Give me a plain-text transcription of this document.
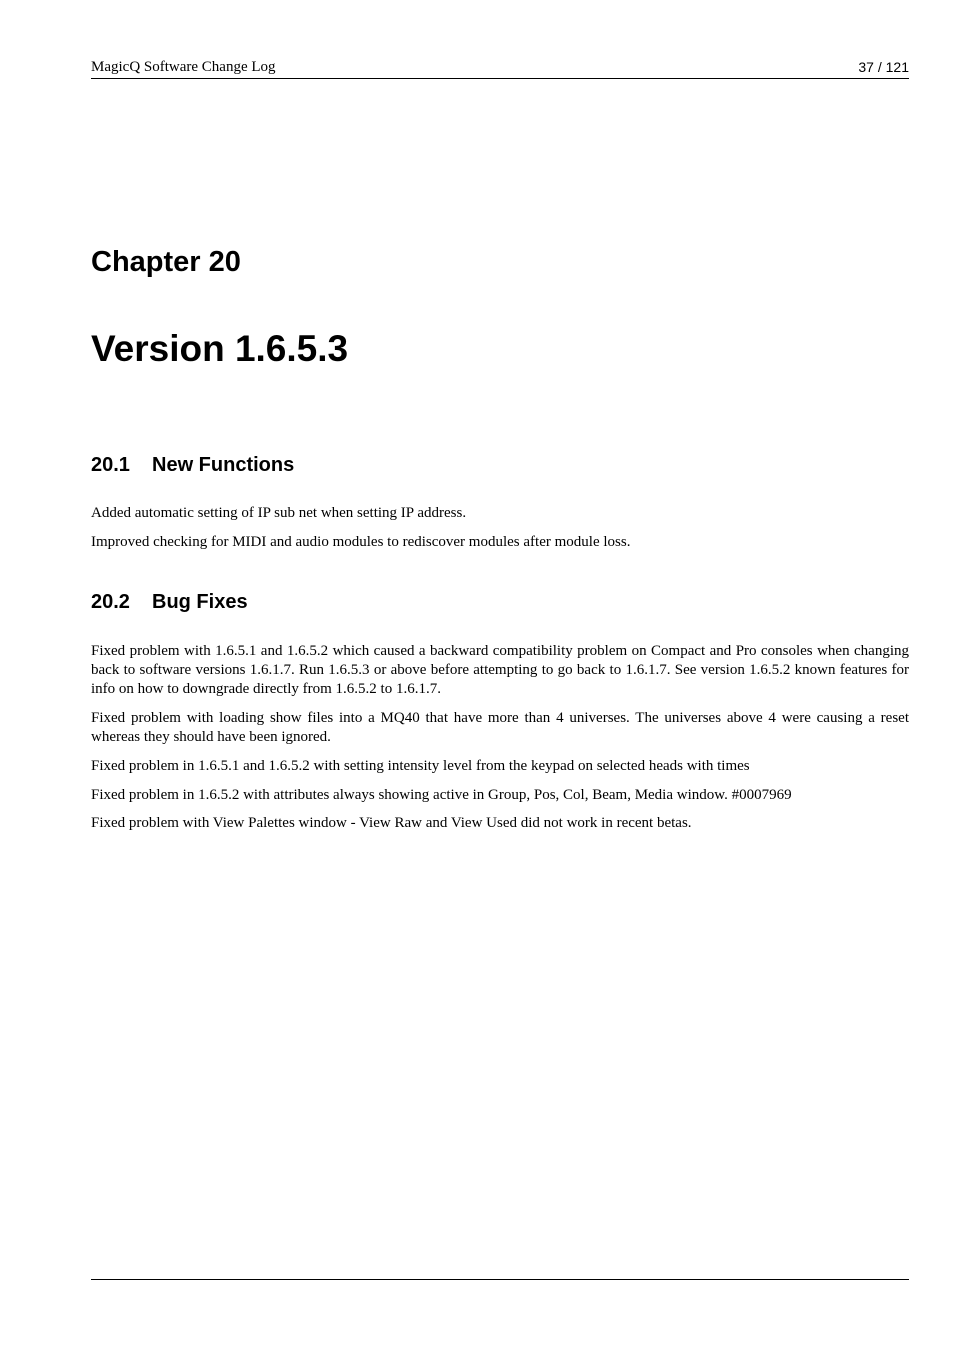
MagicQ Software Change Log	37 / 121
Chapter 20
Version 1.6.5.3
20.1 New Functions

Added automatic setting of IP sub net when setting IP address.

Improved checking for MIDI and audio modules to rediscover modules after module loss.

20.2 Bug Fixes

Fixed problem with 1.6.5.1 and 1.6.5.2 which caused a backward compatibility problem on Compact and Pro consoles when changing back to software versions 1.6.1.7. Run 1.6.5.3 or above before attempting to go back to 1.6.1.7. See version 1.6.5.2 known features for info on how to downgrade directly from 1.6.5.2 to 1.6.1.7.

Fixed problem with loading show files into a MQ40 that have more than 4 universes. The universes above 4 were causing a reset whereas they should have been ignored.

Fixed problem in 1.6.5.1 and 1.6.5.2 with setting intensity level from the keypad on selected heads with times

Fixed problem in 1.6.5.2 with attributes always showing active in Group, Pos, Col, Beam, Media window. #0007969

Fixed problem with View Palettes window - View Raw and View Used did not work in recent betas.
